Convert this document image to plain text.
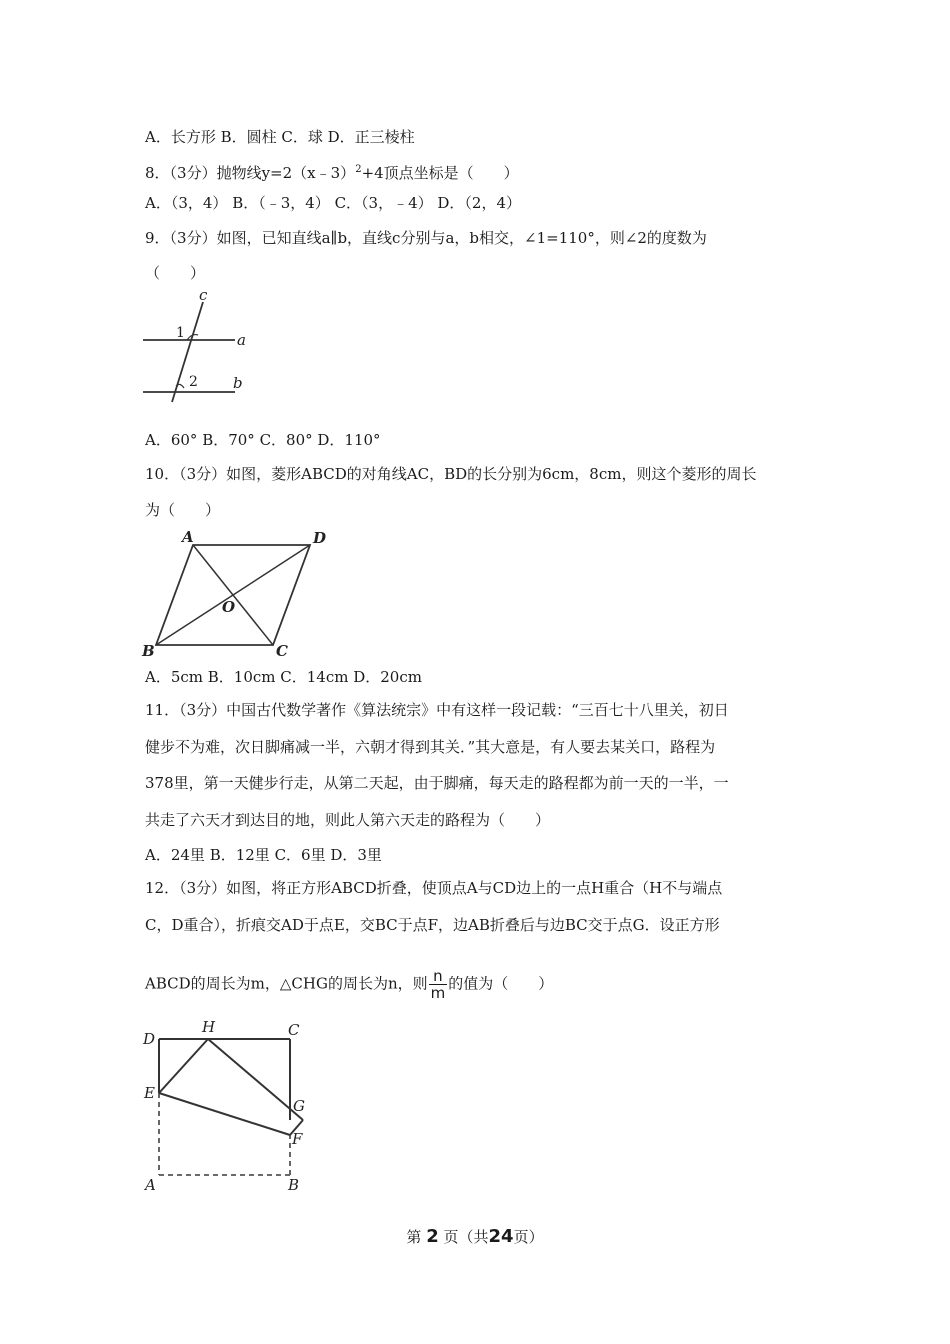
A．长方形 B．圆柱 C．球 D．正三棱柱
8．（3分）抛物线y=2（x﹣3）$^2$+4顶点坐标是（　　）
A．（3，4） B．（﹣3，4） C．（3，﹣4） D．（2，4）
9．（3分）如图，已知直线a∥b，直线c分别与a，b相交，∠1=110°，则∠2的度数为
（　　）
c
a
b
1
2
A．60° B．70° C．80° D．110°
10．（3分）如图，菱形ABCD的对角线AC，BD的长分别为6cm，8cm，则这个菱形的周长
为（　　）
A	D
O
B	C
A．5cm B．10cm C．14cm D．20cm
11．（3分）中国古代数学著作《算法统宗》中有这样一段记载：“三百七十八里关，初日
健步不为难，次日脚痛减一半，六朝才得到其关．”其大意是，有人要去某关口，路程为
378里，第一天健步行走，从第二天起，由于脚痛，每天走的路程都为前一天的一半，一
共走了六天才到达目的地，则此人第六天走的路程为（　　）
A．24里 B．12里 C．6里 D．3里
12．（3分）如图，将正方形ABCD折叠，使顶点A与CD边上的一点H重合（H不与端点
C，D重合），折痕交AD于点E，交BC于点F，边AB折叠后与边BC交于点G．设正方形
ABCD的周长为m，△CHG的周长为n，则 $\frac{n}{m}$ 的值为（　　）
D
H	C
E
G
F
A	B
第 2 页（共24页）
